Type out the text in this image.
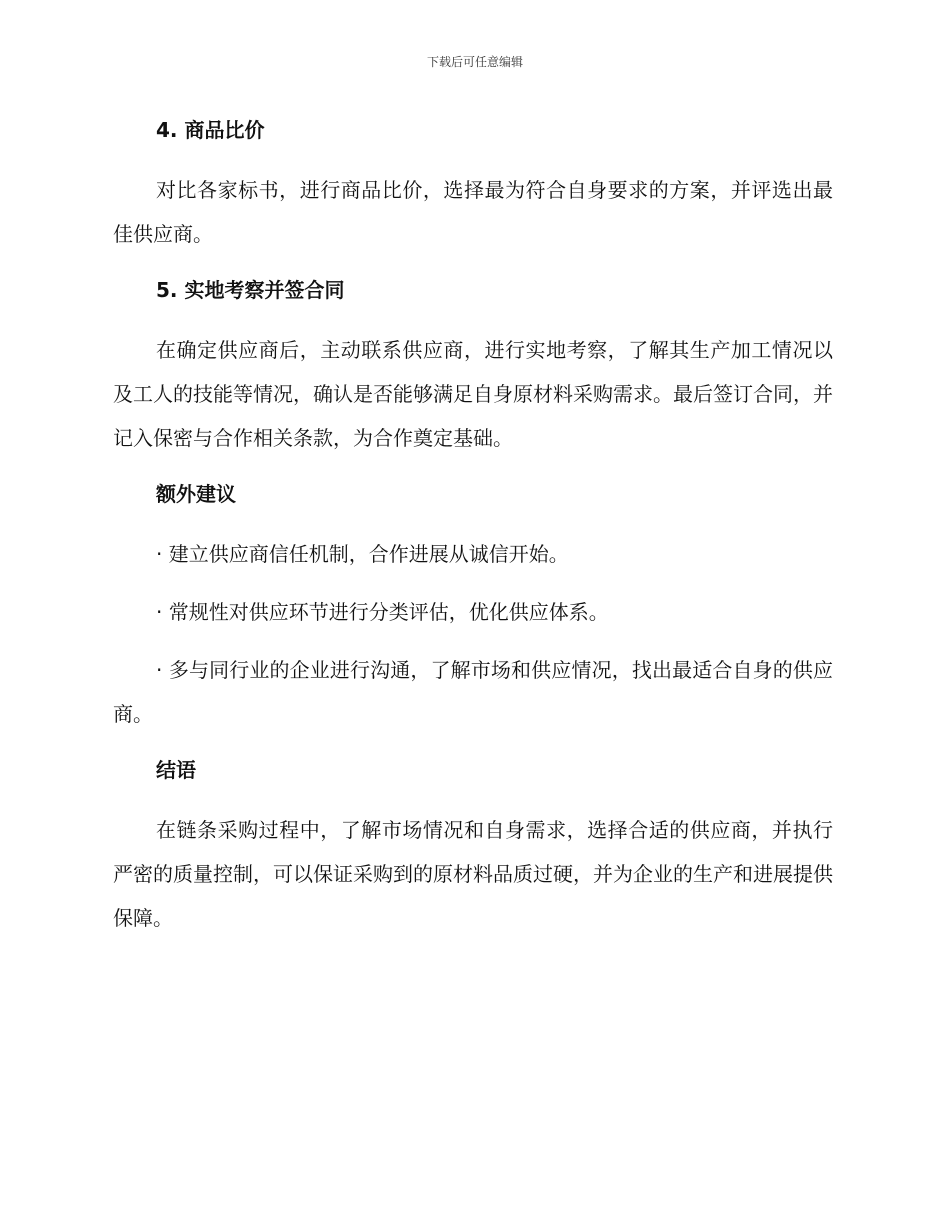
下载后可任意编辑
4. 商品比价
对比各家标书，进行商品比价，选择最为符合自身要求的方案，并评选出最佳供应商。
5. 实地考察并签合同
在确定供应商后，主动联系供应商，进行实地考察，了解其生产加工情况以及工人的技能等情况，确认是否能够满足自身原材料采购需求。最后签订合同，并记入保密与合作相关条款，为合作奠定基础。
额外建议
· 建立供应商信任机制，合作进展从诚信开始。
· 常规性对供应环节进行分类评估，优化供应体系。
· 多与同行业的企业进行沟通，了解市场和供应情况，找出最适合自身的供应商。
结语
在链条采购过程中，了解市场情况和自身需求，选择合适的供应商，并执行严密的质量控制，可以保证采购到的原材料品质过硬，并为企业的生产和进展提供保障。
